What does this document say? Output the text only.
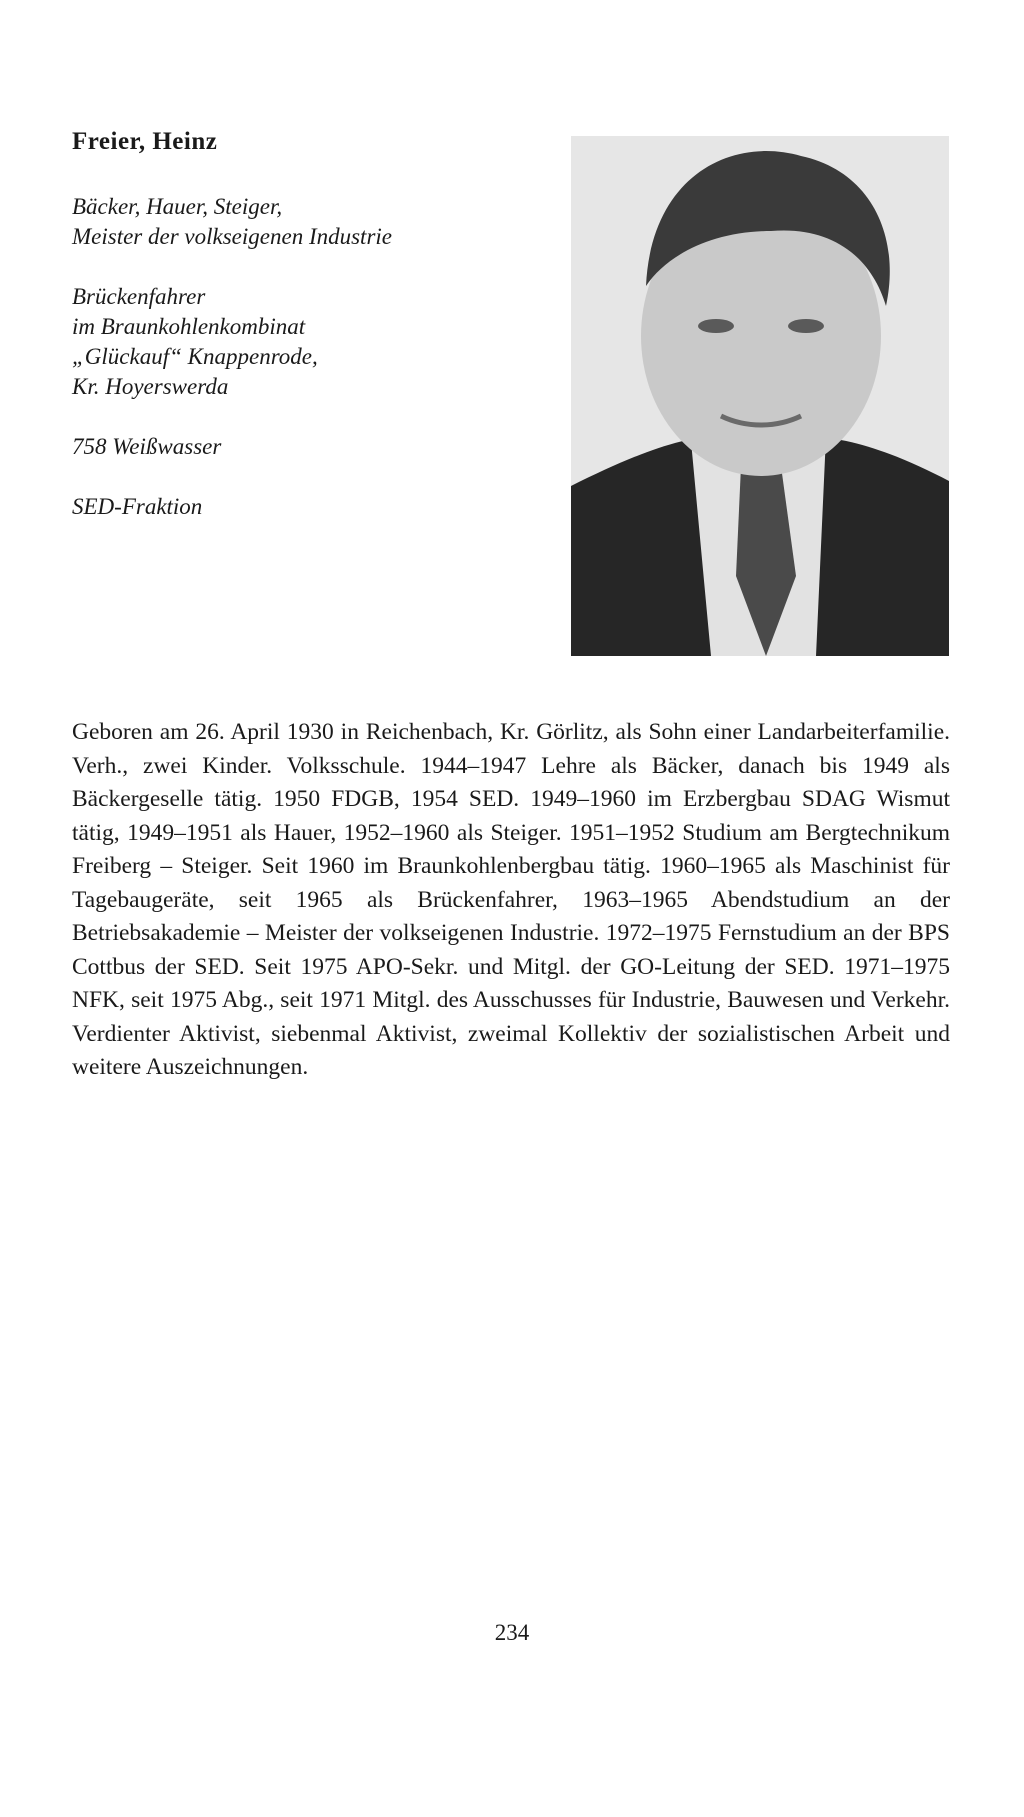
Freier, Heinz
Bäcker, Hauer, Steiger,
Meister der volkseigenen Industrie
Brückenfahrer
im Braunkohlenkombinat
„Glückauf“ Knappenrode,
Kr. Hoyerswerda
758 Weißwasser
SED-Fraktion

Geboren am 26. April 1930 in Reichenbach, Kr. Görlitz, als Sohn einer Landarbeiterfamilie. Verh., zwei Kinder. Volksschule. 1944–1947 Lehre als Bäcker, danach bis 1949 als Bäckergeselle tätig. 1950 FDGB, 1954 SED. 1949–1960 im Erzbergbau SDAG Wismut tätig, 1949–1951 als Hauer, 1952–1960 als Steiger. 1951–1952 Studium am Bergtechnikum Freiberg – Steiger. Seit 1960 im Braunkohlenbergbau tätig. 1960–1965 als Maschinist für Tagebaugeräte, seit 1965 als Brückenfahrer, 1963–1965 Abendstudium an der Betriebsakademie – Meister der volkseigenen Industrie. 1972–1975 Fernstudium an der BPS Cottbus der SED. Seit 1975 APO-Sekr. und Mitgl. der GO-Leitung der SED. 1971–1975 NFK, seit 1975 Abg., seit 1971 Mitgl. des Ausschusses für Industrie, Bauwesen und Verkehr. Verdienter Aktivist, siebenmal Aktivist, zweimal Kollektiv der sozialistischen Arbeit und weitere Auszeichnungen.

234
